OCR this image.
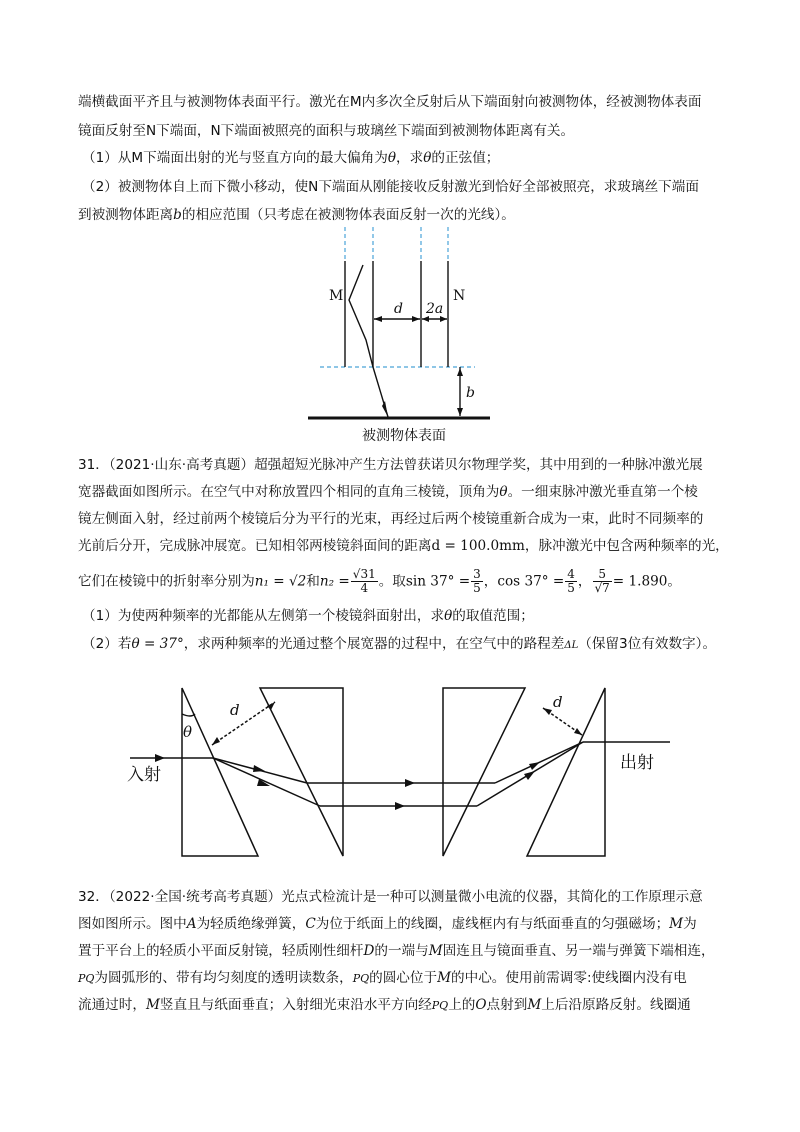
端横截面平齐且与被测物体表面平行。激光在M内多次全反射后从下端面射向被测物体，经被测物体表面
镜面反射至N下端面，N下端面被照亮的面积与玻璃丝下端面到被测物体距离有关。
（1）从M下端面出射的光与竖直方向的最大偏角为θ，求θ的正弦值；
（2）被测物体自上而下微小移动，使N下端面从刚能接收反射激光到恰好全部被照亮，求玻璃丝下端面
到被测物体距离b的相应范围（只考虑在被测物体表面反射一次的光线）。
M	N
d 2a
b
被测物体表面
31．（2021·山东·高考真题）超强超短光脉冲产生方法曾获诺贝尔物理学奖，其中用到的一种脉冲激光展
宽器截面如图所示。在空气中对称放置四个相同的直角三棱镜，顶角为θ。一细束脉冲激光垂直第一个棱
镜左侧面入射，经过前两个棱镜后分为平行的光束，再经过后两个棱镜重新合成为一束，此时不同频率的
光前后分开，完成脉冲展宽。已知相邻两棱镜斜面间的距离d = 100.0mm，脉冲激光中包含两种频率的光，
它们在棱镜中的折射率分别为n₁ = √2和$n_2 = \frac{√31}{4}$ 。取$\sin 37^\circ = \frac{3}{5}$ ，$\cos 37^\circ = \frac{4}{5}$ ， $\frac{5}{√7} = 1.890$。
（1）为使两种频率的光都能从左侧第一个棱镜斜面射出，求θ的取值范围；
（2）若θ = 37°，求两种频率的光通过整个展宽器的过程中，在空气中的路程差ΔL（保留3位有效数字）。
θ
d	d
入射
出射
32．（2022·全国·统考高考真题）光点式检流计是一种可以测量微小电流的仪器，其简化的工作原理示意
图如图所示。图中A为轻质绝缘弹簧，C为位于纸面上的线圈，虚线框内有与纸面垂直的匀强磁场；M为
置于平台上的轻质小平面反射镜，轻质刚性细杆D的一端与M固连且与镜面垂直、另一端与弹簧下端相连，
PQ为圆弧形的、带有均匀刻度的透明读数条，PQ的圆心位于M的中心。使用前需调零:使线圈内没有电
流通过时，M竖直且与纸面垂直；入射细光束沿水平方向经PQ上的O点射到M上后沿原路反射。线圈通
